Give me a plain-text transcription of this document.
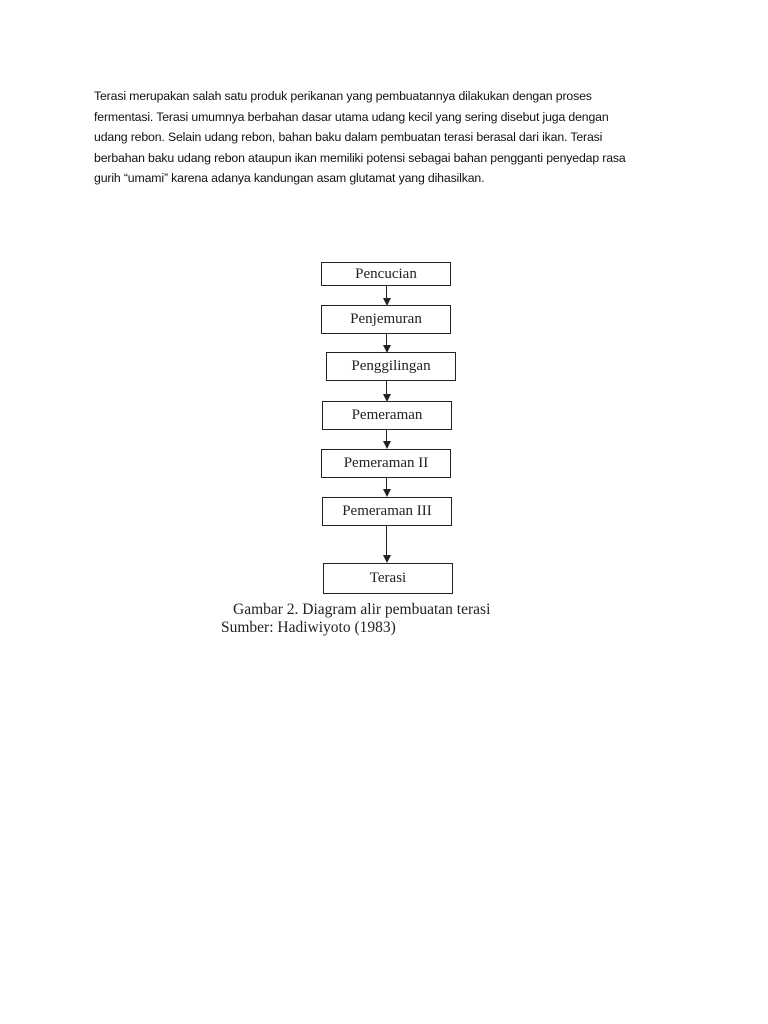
Terasi merupakan salah satu produk perikanan yang pembuatannya dilakukan dengan proses
fermentasi. Terasi umumnya berbahan dasar utama udang kecil yang sering disebut juga dengan
udang rebon. Selain udang rebon, bahan baku dalam pembuatan terasi berasal dari ikan. Terasi
berbahan baku udang rebon ataupun ikan memiliki potensi sebagai bahan pengganti penyedap rasa
gurih “umami” karena adanya kandungan asam glutamat yang dihasilkan.
Pencucian
Penjemuran
Penggilingan
Pemeraman
Pemeraman II
Pemeraman III
Terasi
Gambar 2. Diagram alir pembuatan terasi
Sumber: Hadiwiyoto (1983)
